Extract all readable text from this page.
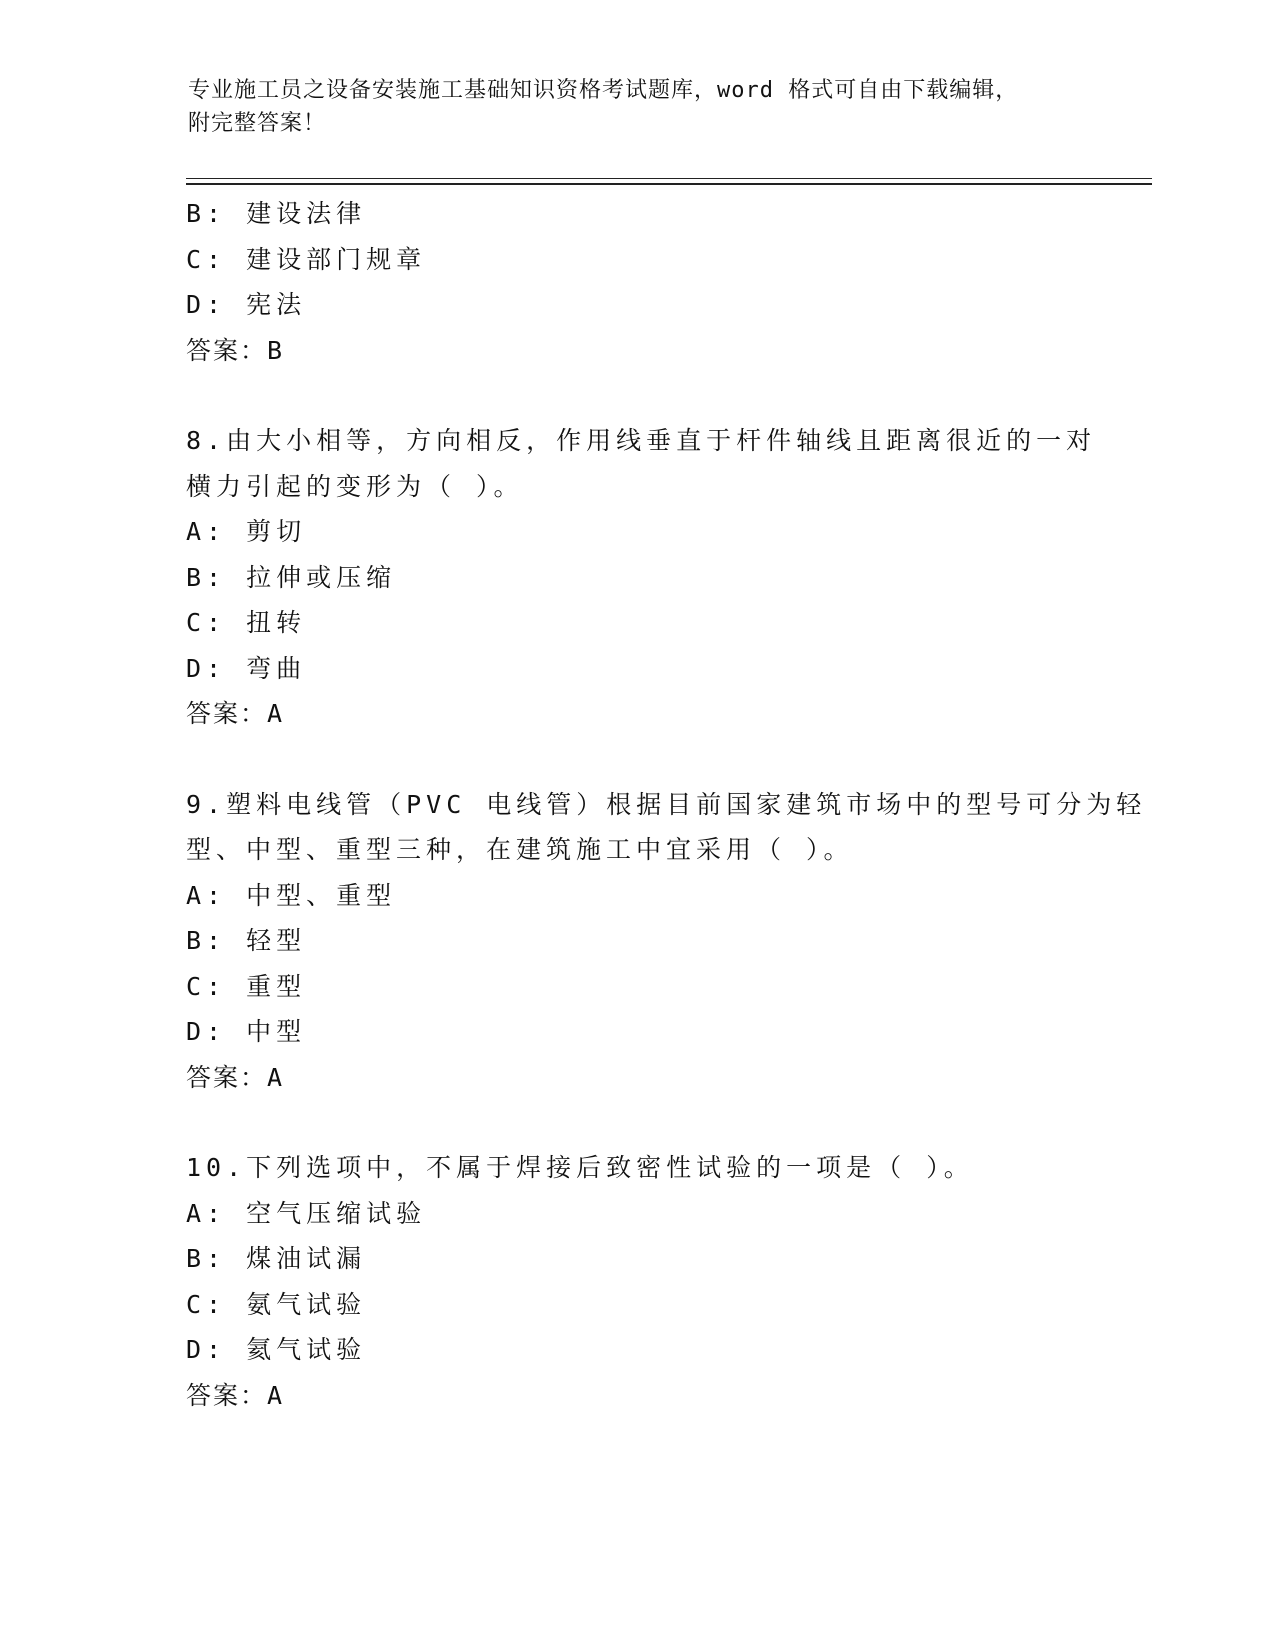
专业施工员之设备安装施工基础知识资格考试题库，word 格式可自由下载编辑，
附完整答案！
B: 建设法律
C: 建设部门规章
D: 宪法
答案：B
8.由大小相等，方向相反，作用线垂直于杆件轴线且距离很近的一对
横力引起的变形为（ ）。
A: 剪切
B: 拉伸或压缩
C: 扭转
D: 弯曲
答案：A
9.塑料电线管（PVC 电线管）根据目前国家建筑市场中的型号可分为轻
型、中型、重型三种，在建筑施工中宜采用（ ）。
A: 中型、重型
B: 轻型
C: 重型
D: 中型
答案：A
10.下列选项中，不属于焊接后致密性试验的一项是（ ）。
A: 空气压缩试验
B: 煤油试漏
C: 氨气试验
D: 氦气试验
答案：A
